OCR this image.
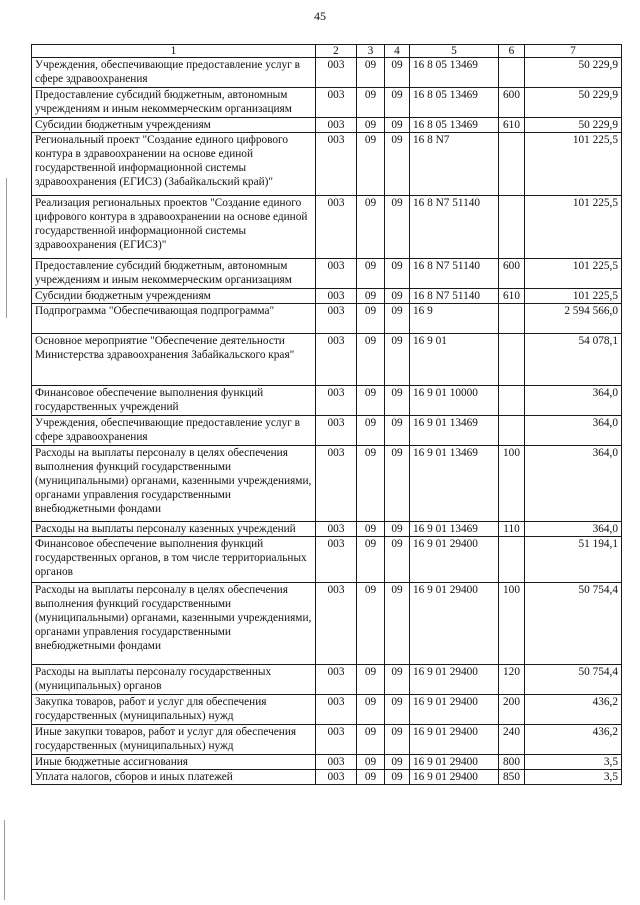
45
1	2	3	4	5	6	7
Учреждения, обеспечивающие предоставление услуг в сфере здравоохранения	003	09	09	16 8 05 13469		50 229,9
Предоставление субсидий бюджетным, автономным учреждениям и иным некоммерческим организациям	003	09	09	16 8 05 13469	600	50 229,9
Субсидии бюджетным учреждениям	003	09	09	16 8 05 13469	610	50 229,9
Региональный проект "Создание единого цифрового контура в здравоохранении на основе единой государственной информационной системы здравоохранения (ЕГИСЗ) (Забайкальский край)"	003	09	09	16 8 N7		101 225,5
Реализация региональных проектов "Создание единого цифрового контура в здравоохранении на основе единой государственной информационной системы здравоохранения (ЕГИСЗ)"	003	09	09	16 8 N7 51140		101 225,5
Предоставление субсидий бюджетным, автономным учреждениям и иным некоммерческим организациям	003	09	09	16 8 N7 51140	600	101 225,5
Субсидии бюджетным учреждениям	003	09	09	16 8 N7 51140	610	101 225,5
Подпрограмма "Обеспечивающая подпрограмма"	003	09	09	16 9		2 594 566,0
Основное мероприятие "Обеспечение деятельности Министерства здравоохранения Забайкальского края"	003	09	09	16 9 01		54 078,1
Финансовое обеспечение выполнения функций государственных учреждений	003	09	09	16 9 01 10000		364,0
Учреждения, обеспечивающие предоставление услуг в сфере здравоохранения	003	09	09	16 9 01 13469		364,0
Расходы на выплаты персоналу в целях обеспечения выполнения функций государственными (муниципальными) органами, казенными учреждениями, органами управления государственными внебюджетными фондами	003	09	09	16 9 01 13469	100	364,0
Расходы на выплаты персоналу казенных учреждений	003	09	09	16 9 01 13469	110	364,0
Финансовое обеспечение выполнения функций государственных органов, в том числе территориальных органов	003	09	09	16 9 01 29400		51 194,1
Расходы на выплаты персоналу в целях обеспечения выполнения функций государственными (муниципальными) органами, казенными учреждениями, органами управления государственными внебюджетными фондами	003	09	09	16 9 01 29400	100	50 754,4
Расходы на выплаты персоналу государственных (муниципальных) органов	003	09	09	16 9 01 29400	120	50 754,4
Закупка товаров, работ и услуг для обеспечения государственных (муниципальных) нужд	003	09	09	16 9 01 29400	200	436,2
Иные закупки товаров, работ и услуг для обеспечения государственных (муниципальных) нужд	003	09	09	16 9 01 29400	240	436,2
Иные бюджетные ассигнования	003	09	09	16 9 01 29400	800	3,5
Уплата налогов, сборов и иных платежей	003	09	09	16 9 01 29400	850	3,5
